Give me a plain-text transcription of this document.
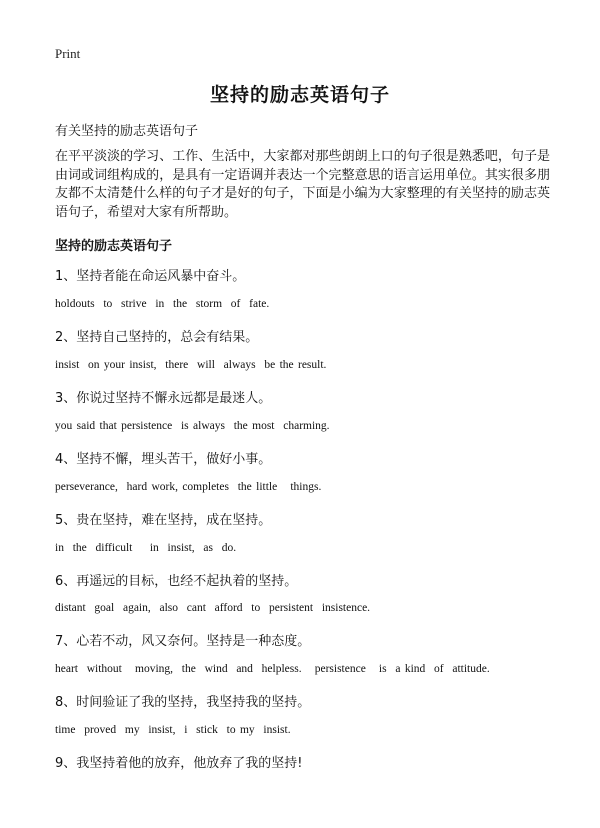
Print
坚持的励志英语句子

有关坚持的励志英语句子

在平平淡淡的学习、工作、生活中，大家都对那些朗朗上口的句子很是熟悉吧，句子是由词或词组构成的，是具有一定语调并表达一个完整意思的语言运用单位。其实很多朋友都不太清楚什么样的句子才是好的句子，下面是小编为大家整理的有关坚持的励志英语句子，希望对大家有所帮助。

坚持的励志英语句子

1、坚持者能在命运风暴中奋斗。

holdouts  to  strive  in  the  storm  of  fate.

2、坚持自己坚持的，总会有结果。

insist  on your insist,  there  will  always  be the result.

3、你说过坚持不懈永远都是最迷人。

you said that persistence  is always  the most  charming.

4、坚持不懈，埋头苦干，做好小事。

perseverance,  hard work, completes  the little   things.

5、贵在坚持，难在坚持，成在坚持。

in  the  difficult    in  insist,  as  do.

6、再遥远的目标，也经不起执着的坚持。

distant  goal  again,  also  cant  afford  to  persistent  insistence.

7、心若不动，风又奈何。坚持是一种态度。

heart  without   moving,  the  wind  and  helpless.   persistence   is  a kind  of  attitude.

8、时间验证了我的坚持，我坚持我的坚持。

time  proved  my  insist,  i  stick  to my  insist.

9、我坚持着他的放弃，他放弃了我的坚持!
